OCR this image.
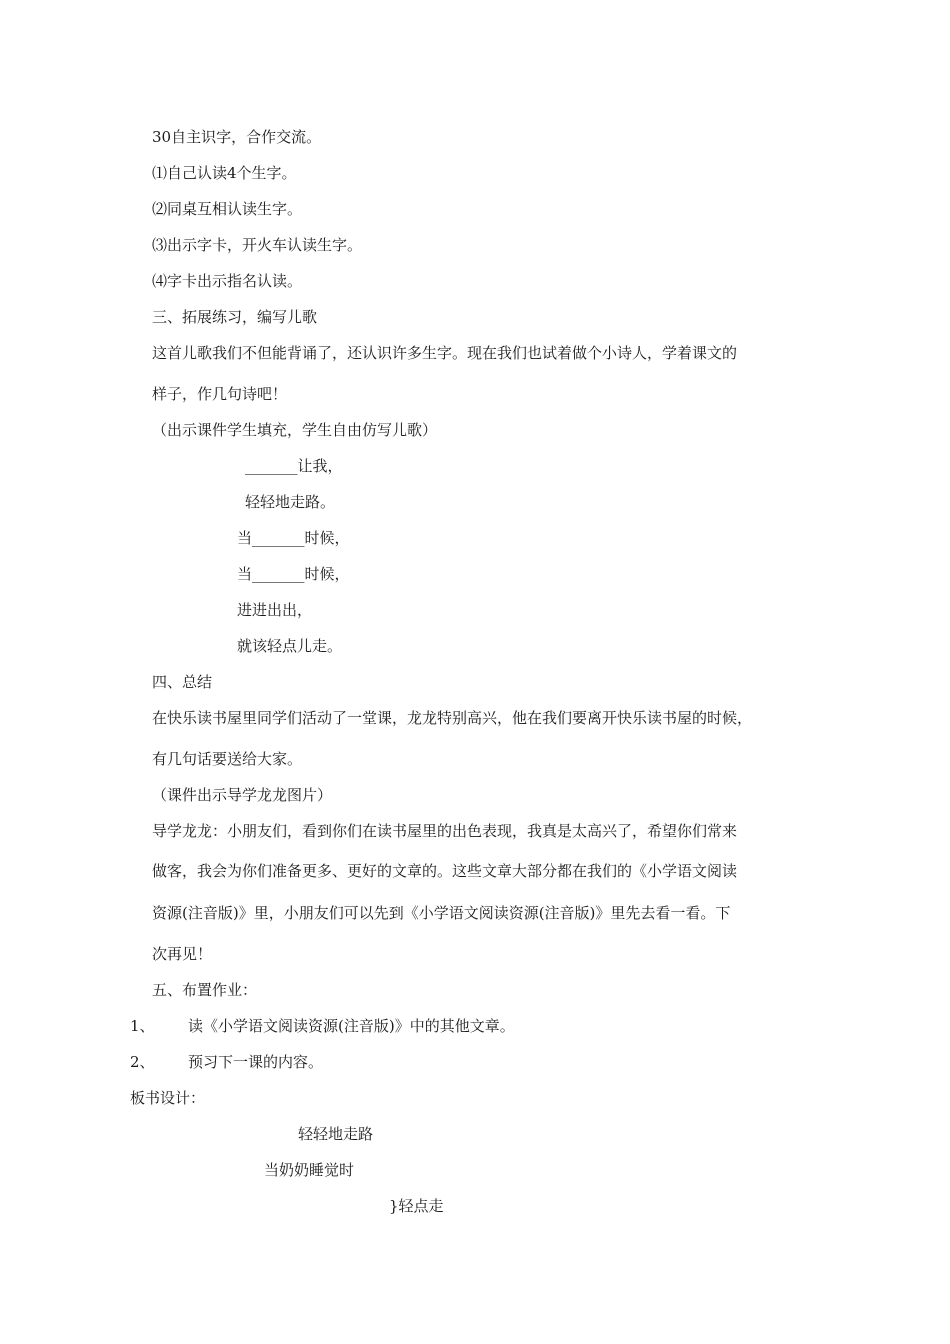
30自主识字，合作交流。
⑴自己认读4个生字。
⑵同桌互相认读生字。
⑶出示字卡，开火车认读生字。
⑷字卡出示指名认读。
三、拓展练习，编写儿歌
这首儿歌我们不但能背诵了，还认识许多生字。现在我们也试着做个小诗人，学着课文的
样子，作几句诗吧！
（出示课件学生填充，学生自由仿写儿歌）
_______让我，
轻轻地走路。
当_______时候，
当_______时候，
进进出出，
就该轻点儿走。
四、总结
在快乐读书屋里同学们活动了一堂课，龙龙特别高兴，他在我们要离开快乐读书屋的时候，
有几句话要送给大家。
（课件出示导学龙龙图片）
导学龙龙：小朋友们，看到你们在读书屋里的出色表现，我真是太高兴了，希望你们常来
做客，我会为你们准备更多、更好的文章的。这些文章大部分都在我们的《小学语文阅读
资源(注音版)》里，小朋友们可以先到《小学语文阅读资源(注音版)》里先去看一看。下
次再见！
五、布置作业：
1、 读《小学语文阅读资源(注音版)》中的其他文章。
2、 预习下一课的内容。
板书设计：
轻轻地走路
当奶奶睡觉时
}轻点走
